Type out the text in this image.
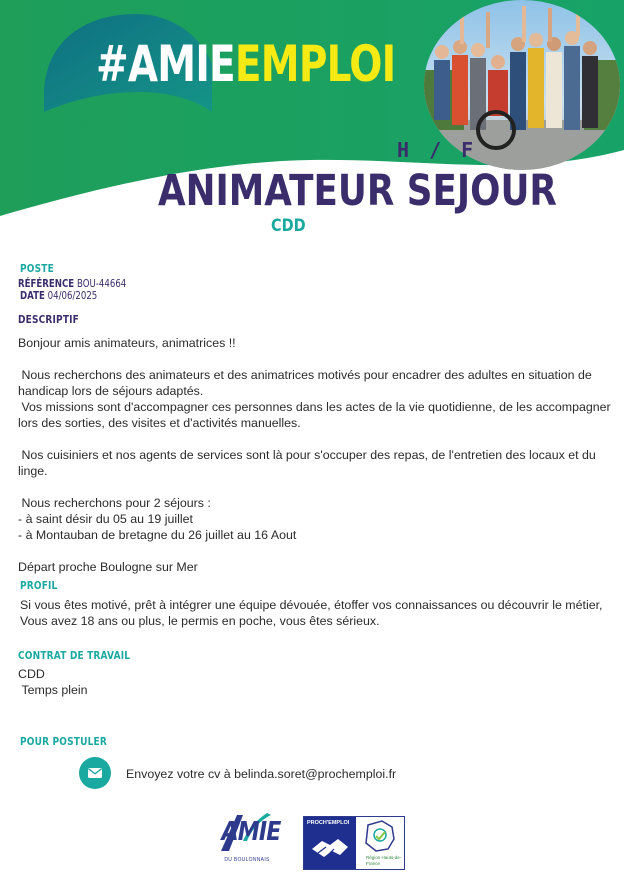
#AMIEEMPLOI
H / F
ANIMATEUR SEJOUR
CDD
POSTE
RÉFÉRENCE BOU-44664
DATE 04/06/2025
DESCRIPTIF

Bonjour amis animateurs, animatrices !!

Nous recherchons des animateurs et des animatrices motivés pour encadrer des adultes en situation de handicap lors de séjours adaptés.

Vos missions sont d'accompagner ces personnes dans les actes de la vie quotidienne, de les accompagner lors des sorties, des visites et d'activités manuelles.

Nos cuisiniers et nos agents de services sont là pour s'occuper des repas, de l'entretien des locaux et du linge.

Nous recherchons pour 2 séjours :

- à saint désir du 05 au 19 juillet

- à Montauban de bretagne du 26 juillet au 16 Aout

Départ proche Boulogne sur Mer

PROFIL

Si vous êtes motivé, prêt à intégrer une équipe dévouée, étoffer vos connaissances ou découvrir le métier,

Vous avez 18 ans ou plus, le permis en poche, vous êtes sérieux.

CONTRAT DE TRAVAIL

CDD

Temps plein

POUR POSTULER
Envoyez votre cv à belinda.soret@prochemploi.fr
AMIE
DU BOULONNAIS
PROCH'EMPLOI
Région Hauts-de-France
